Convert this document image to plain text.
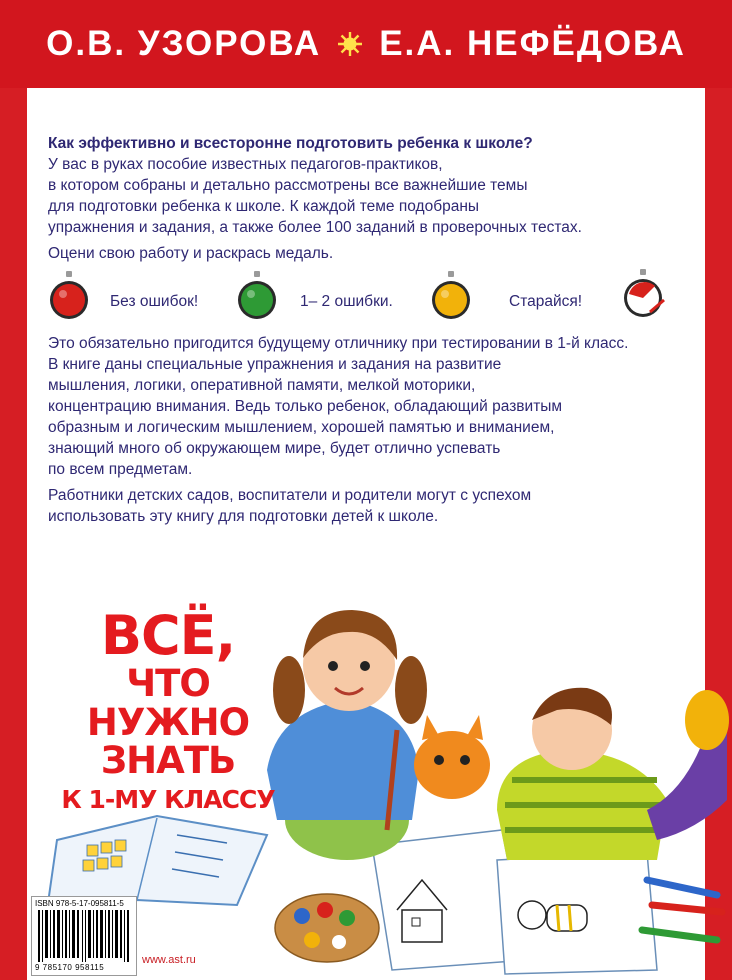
О.В. УЗОРОВА Е.А. НЕФЁДОВА
Как эффективно и всесторонне подготовить ребенка к школе?
У вас в руках пособие известных педагогов-практиков,
в котором собраны и детально рассмотрены все важнейшие темы
для подготовки ребенка к школе. К каждой теме подобраны
упражнения и задания, а также более 100 заданий в проверочных тестах.
Оцени свою работу и раскрась медаль.
Без ошибок!	1– 2 ошибки.	Старайся!
Это обязательно пригодится будущему отличнику при тестировании в 1-й класс.
В книге даны специальные упражнения и задания на развитие
мышления, логики, оперативной памяти, мелкой моторики,
концентрацию внимания. Ведь только ребенок, обладающий развитым
образным и логическим мышлением, хорошей памятью и вниманием,
знающий много об окружающем мире, будет отлично успевать
по всем предметам.
Работники детских садов, воспитатели и родители могут с успехом
использовать эту книгу для подготовки детей к школе.
ВСЁ,
ЧТО НУЖНО
ЗНАТЬ
К 1-МУ КЛАССУ
ISBN 978-5-17-095811-5
9 785170 958115
www.ast.ru
